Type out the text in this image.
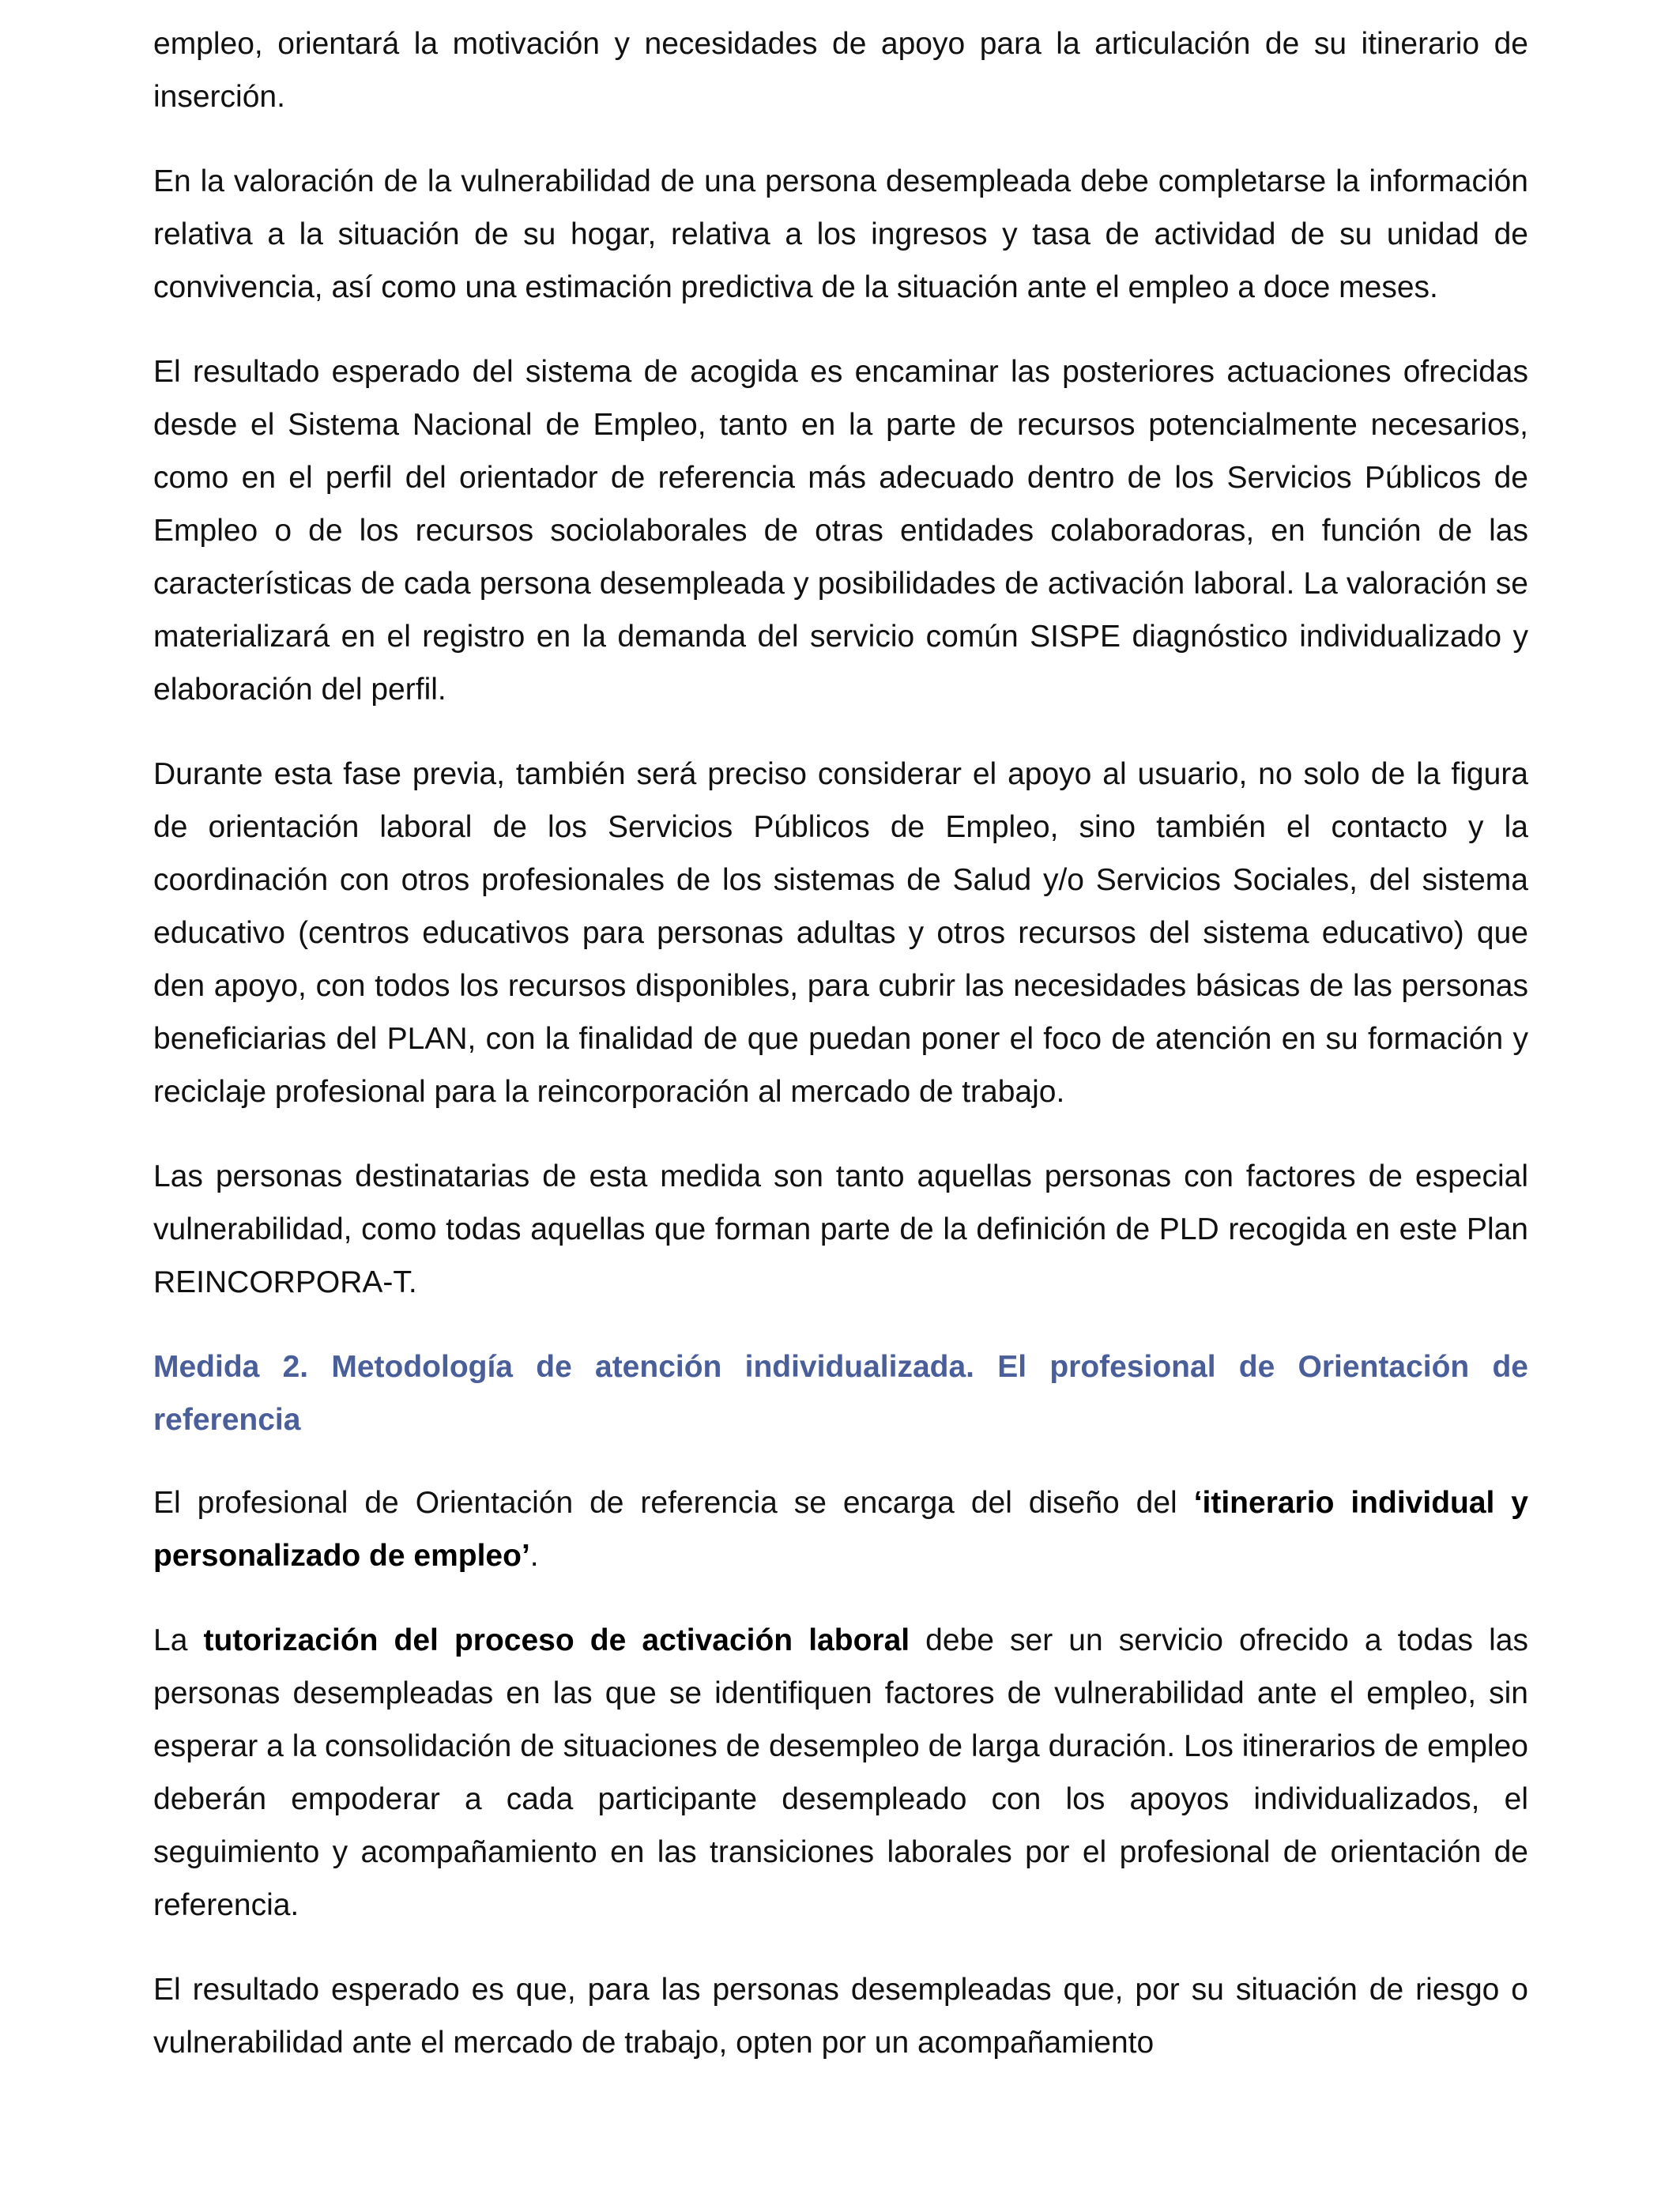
empleo, orientará la motivación y necesidades de apoyo para la articulación de su itinerario de inserción.

En la valoración de la vulnerabilidad de una persona desempleada debe completarse la información relativa a la situación de su hogar, relativa a los ingresos y tasa de actividad de su unidad de convivencia, así como una estimación predictiva de la situación ante el empleo a doce meses.

El resultado esperado del sistema de acogida es encaminar las posteriores actuaciones ofrecidas desde el Sistema Nacional de Empleo, tanto en la parte de recursos potencialmente necesarios, como en el perfil del orientador de referencia más adecuado dentro de los Servicios Públicos de Empleo o de los recursos sociolaborales de otras entidades colaboradoras, en función de las características de cada persona desempleada y posibilidades de activación laboral. La valoración se materializará en el registro en la demanda del servicio común SISPE diagnóstico individualizado y elaboración del perfil.

Durante esta fase previa, también será preciso considerar el apoyo al usuario, no solo de la figura de orientación laboral de los Servicios Públicos de Empleo, sino también el contacto y la coordinación con otros profesionales de los sistemas de Salud y/o Servicios Sociales, del sistema educativo (centros educativos para personas adultas y otros recursos del sistema educativo) que den apoyo, con todos los recursos disponibles, para cubrir las necesidades básicas de las personas beneficiarias del PLAN, con la finalidad de que puedan poner el foco de atención en su formación y reciclaje profesional para la reincorporación al mercado de trabajo.

Las personas destinatarias de esta medida son tanto aquellas personas con factores de especial vulnerabilidad, como todas aquellas que forman parte de la definición de PLD recogida en este Plan REINCORPORA-T.

Medida 2. Metodología de atención individualizada. El profesional de Orientación de referencia

El profesional de Orientación de referencia se encarga del diseño del ‘itinerario individual y personalizado de empleo’.

La tutorización del proceso de activación laboral debe ser un servicio ofrecido a todas las personas desempleadas en las que se identifiquen factores de vulnerabilidad ante el empleo, sin esperar a la consolidación de situaciones de desempleo de larga duración. Los itinerarios de empleo deberán empoderar a cada participante desempleado con los apoyos individualizados, el seguimiento y acompañamiento en las transiciones laborales por el profesional de orientación de referencia.

El resultado esperado es que, para las personas desempleadas que, por su situación de riesgo o vulnerabilidad ante el mercado de trabajo, opten por un acompañamiento
